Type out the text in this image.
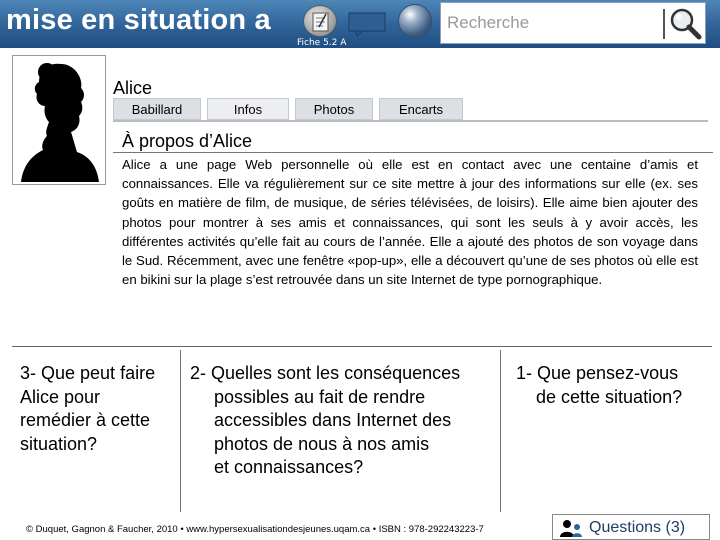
mise en situation a
Fiche 5.2 A
Recherche
Alice
Babillard	Infos	Photos	Encarts
À propos d’Alice
Alice a une page Web personnelle où elle est en contact avec une centaine d’amis et connaissances. Elle va régulièrement sur ce site mettre à jour des informations sur elle (ex. ses goûts en matière de film, de musique, de séries télévisées, de loisirs). Elle aime bien ajouter des photos pour montrer à ses amis et connaissances, qui sont les seuls à y avoir accès, les différentes activités qu’elle fait au cours de l’année. Elle a ajouté des photos de son voyage dans le Sud. Récemment, avec une fenêtre «pop-up», elle a découvert qu’une de ses photos où elle est en bikini sur la plage s’est retrouvée dans un site Internet de type pornographique.
3- Que peut faire
Alice pour
remédier à cette
situation?
2- Quelles sont les conséquences
possibles au fait de rendre
accessibles dans Internet des
photos de nous à nos amis
et connaissances?
1- Que pensez-vous
de cette situation?
© Duquet, Gagnon & Faucher, 2010 • www.hypersexualisationdesjeunes.uqam.ca • ISBN : 978-292243223-7	Questions (3)
